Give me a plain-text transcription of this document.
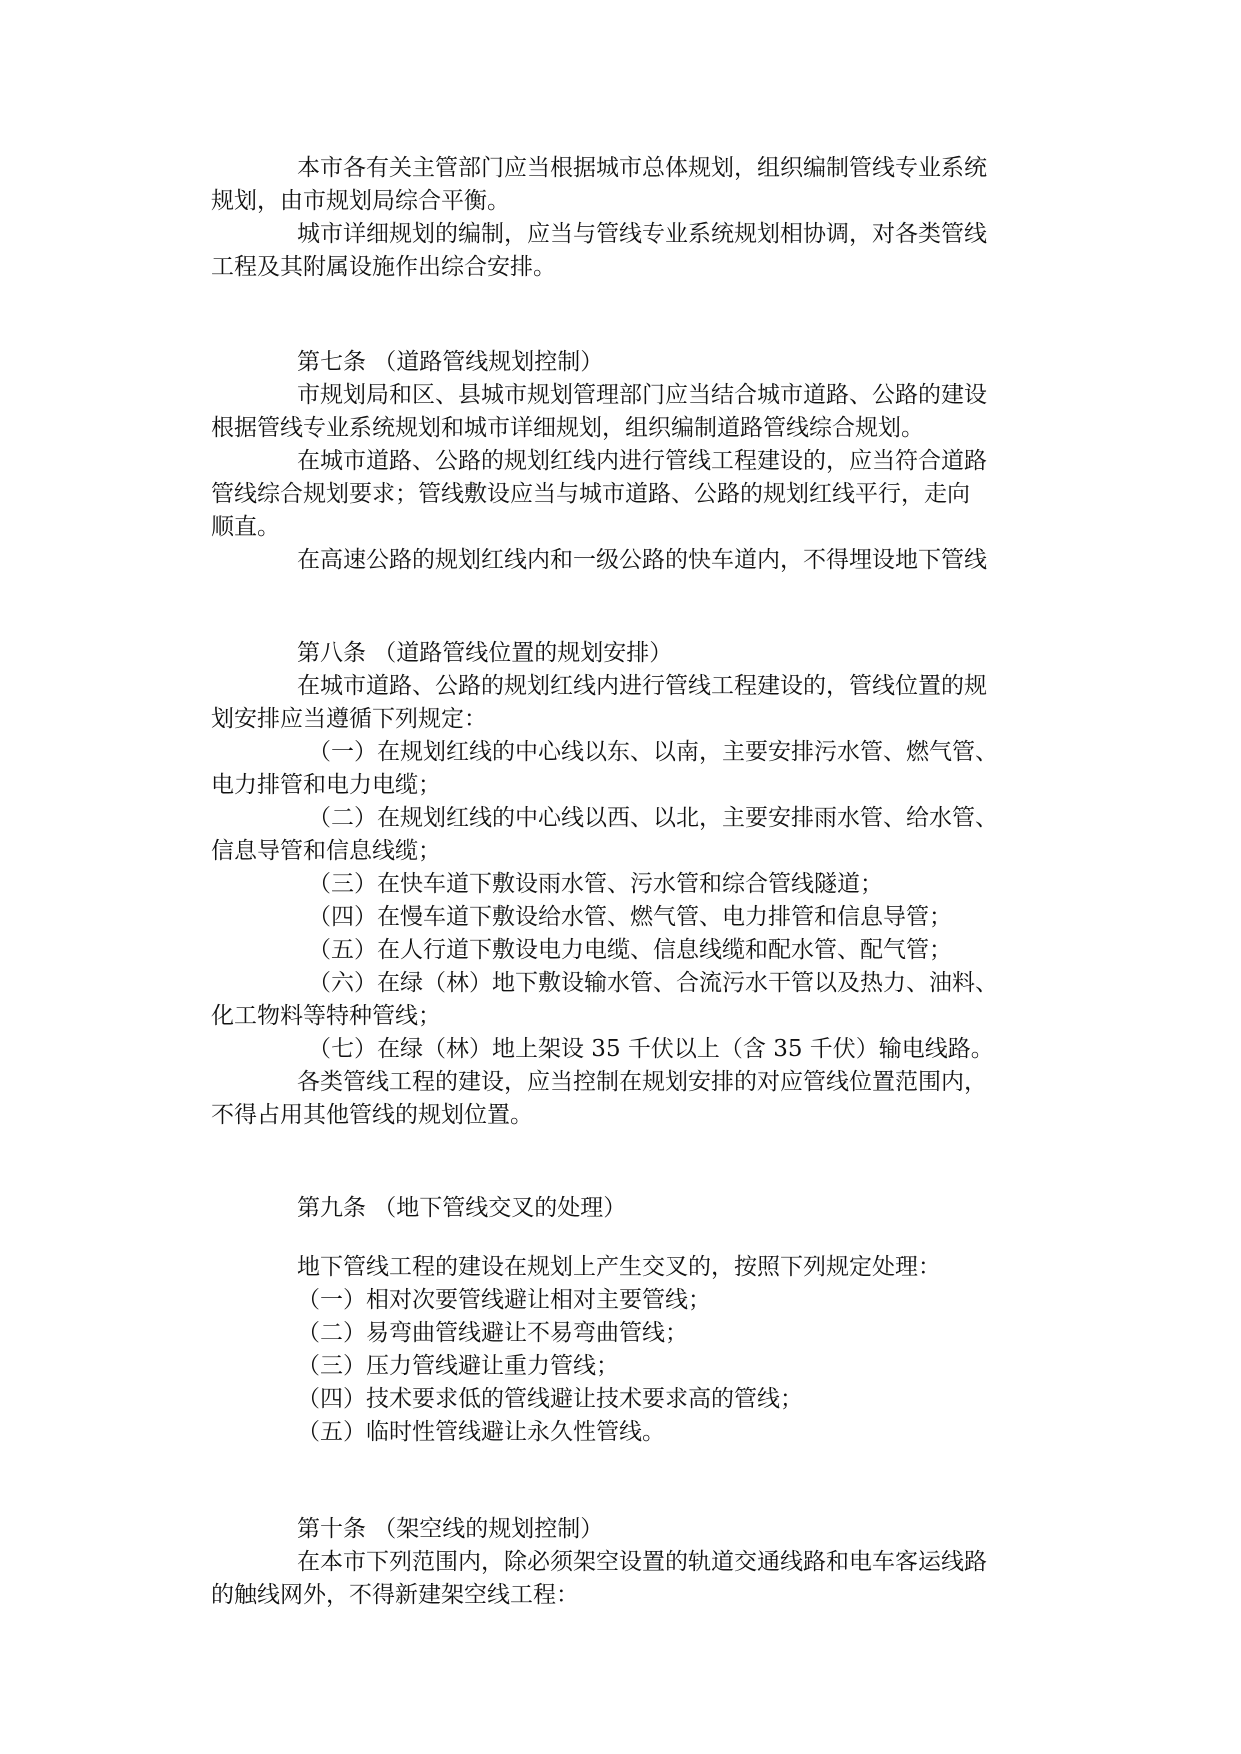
本市各有关主管部门应当根据城市总体规划，组织编制管线专业系统
规划，由市规划局综合平衡。
城市详细规划的编制，应当与管线专业系统规划相协调，对各类管线
工程及其附属设施作出综合安排。
第七条 （道路管线规划控制）
市规划局和区、县城市规划管理部门应当结合城市道路、公路的建设
根据管线专业系统规划和城市详细规划，组织编制道路管线综合规划。
在城市道路、公路的规划红线内进行管线工程建设的，应当符合道路
管线综合规划要求；管线敷设应当与城市道路、公路的规划红线平行，走向
顺直。
在高速公路的规划红线内和一级公路的快车道内，不得埋设地下管线
第八条 （道路管线位置的规划安排）
在城市道路、公路的规划红线内进行管线工程建设的，管线位置的规
划安排应当遵循下列规定：
（一）在规划红线的中心线以东、以南，主要安排污水管、燃气管、
电力排管和电力电缆；
（二）在规划红线的中心线以西、以北，主要安排雨水管、给水管、
信息导管和信息线缆；
（三）在快车道下敷设雨水管、污水管和综合管线隧道；
（四）在慢车道下敷设给水管、燃气管、电力排管和信息导管；
（五）在人行道下敷设电力电缆、信息线缆和配水管、配气管；
（六）在绿（林）地下敷设输水管、合流污水干管以及热力、油料、
化工物料等特种管线；
（七）在绿（林）地上架设 35 千伏以上（含 35 千伏）输电线路。
各类管线工程的建设，应当控制在规划安排的对应管线位置范围内，
不得占用其他管线的规划位置。
第九条 （地下管线交叉的处理）
地下管线工程的建设在规划上产生交叉的，按照下列规定处理：
（一）相对次要管线避让相对主要管线；
（二）易弯曲管线避让不易弯曲管线；
（三）压力管线避让重力管线；
（四）技术要求低的管线避让技术要求高的管线；
（五）临时性管线避让永久性管线。
第十条 （架空线的规划控制）
在本市下列范围内，除必须架空设置的轨道交通线路和电车客运线路
的触线网外，不得新建架空线工程：
